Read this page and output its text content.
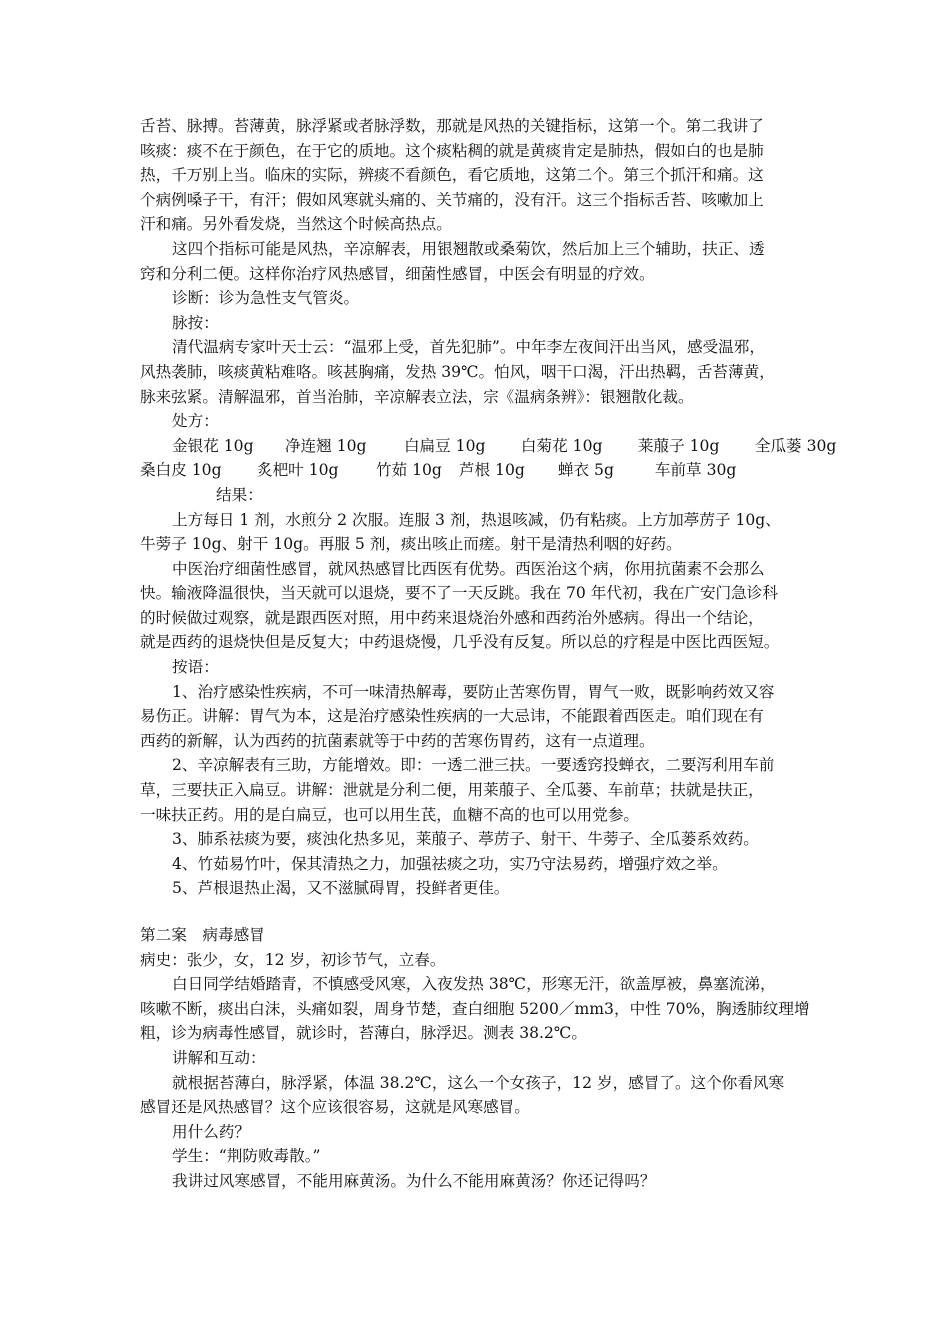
舌苔、脉搏。苔薄黄，脉浮紧或者脉浮数，那就是风热的关键指标，这第一个。第二我讲了
咳痰：痰不在于颜色，在于它的质地。这个痰粘稠的就是黄痰肯定是肺热，假如白的也是肺
热，千万别上当。临床的实际，辨痰不看颜色，看它质地，这第二个。第三个抓汗和痛。这
个病例嗓子干，有汗；假如风寒就头痛的、关节痛的，没有汗。这三个指标舌苔、咳嗽加上
汗和痛。另外看发烧，当然这个时候高热点。
这四个指标可能是风热，辛凉解表，用银翘散或桑菊饮，然后加上三个辅助，扶正、透
窍和分利二便。这样你治疗风热感冒，细菌性感冒，中医会有明显的疗效。
诊断：诊为急性支气管炎。
脉按：
清代温病专家叶天士云：“温邪上受，首先犯肺”。中年李左夜间汗出当风，感受温邪，
风热袭肺，咳痰黄粘难咯。咳甚胸痛，发热 39℃。怕风，咽干口渴，汗出热羁，舌苔薄黄，
脉来弦紧。清解温邪，首当治肺，辛凉解表立法，宗《温病条辨》：银翘散化裁。
处方：
金银花 10g 净连翘 10g 白扁豆 10g 白菊花 10g 莱菔子 10g 全瓜蒌 30g
桑白皮 10g 炙杷叶 10g 竹茹 10g 芦根 10g 蝉衣 5g	车前草 30g
结果：
上方每日 1 剂，水煎分 2 次服。连服 3 剂，热退咳减，仍有粘痰。上方加葶苈子 10g、
牛蒡子 10g、射干 10g。再服 5 剂，痰出咳止而瘥。射干是清热利咽的好药。
中医治疗细菌性感冒，就风热感冒比西医有优势。西医治这个病，你用抗菌素不会那么
快。输液降温很快，当天就可以退烧，要不了一天反跳。我在 70 年代初，我在广安门急诊科
的时候做过观察，就是跟西医对照，用中药来退烧治外感和西药治外感病。得出一个结论，
就是西药的退烧快但是反复大；中药退烧慢，几乎没有反复。所以总的疗程是中医比西医短。
按语：
1、治疗感染性疾病，不可一味清热解毒，要防止苦寒伤胃，胃气一败，既影响药效又容
易伤正。讲解：胃气为本，这是治疗感染性疾病的一大忌讳，不能跟着西医走。咱们现在有
西药的新解，认为西药的抗菌素就等于中药的苦寒伤胃药，这有一点道理。
2、辛凉解表有三助，方能增效。即：一透二泄三扶。一要透窍投蝉衣，二要泻利用车前
草，三要扶正入扁豆。讲解：泄就是分利二便，用莱菔子、全瓜蒌、车前草；扶就是扶正，
一味扶正药。用的是白扁豆，也可以用生芪，血糖不高的也可以用党参。
3、肺系祛痰为要，痰浊化热多见，莱菔子、葶苈子、射干、牛蒡子、全瓜蒌系效药。
4、竹茹易竹叶，保其清热之力，加强祛痰之功，实乃守法易药，增强疗效之举。
5、芦根退热止渴，又不滋腻碍胃，投鲜者更佳。
第二案　病毒感冒
病史：张少，女，12 岁，初诊节气，立春。
白日同学结婚踏青，不慎感受风寒，入夜发热 38℃，形寒无汗，欲盖厚被，鼻塞流涕，
咳嗽不断，痰出白沫，头痛如裂，周身节楚，查白细胞 5200／mm3，中性 70%，胸透肺纹理增
粗，诊为病毒性感冒，就诊时，苔薄白，脉浮迟。测表 38.2℃。
讲解和互动：
就根据苔薄白，脉浮紧，体温 38.2℃，这么一个女孩子，12 岁，感冒了。这个你看风寒
感冒还是风热感冒？这个应该很容易，这就是风寒感冒。
用什么药？
学生：“荆防败毒散。”
我讲过风寒感冒，不能用麻黄汤。为什么不能用麻黄汤？你还记得吗？
